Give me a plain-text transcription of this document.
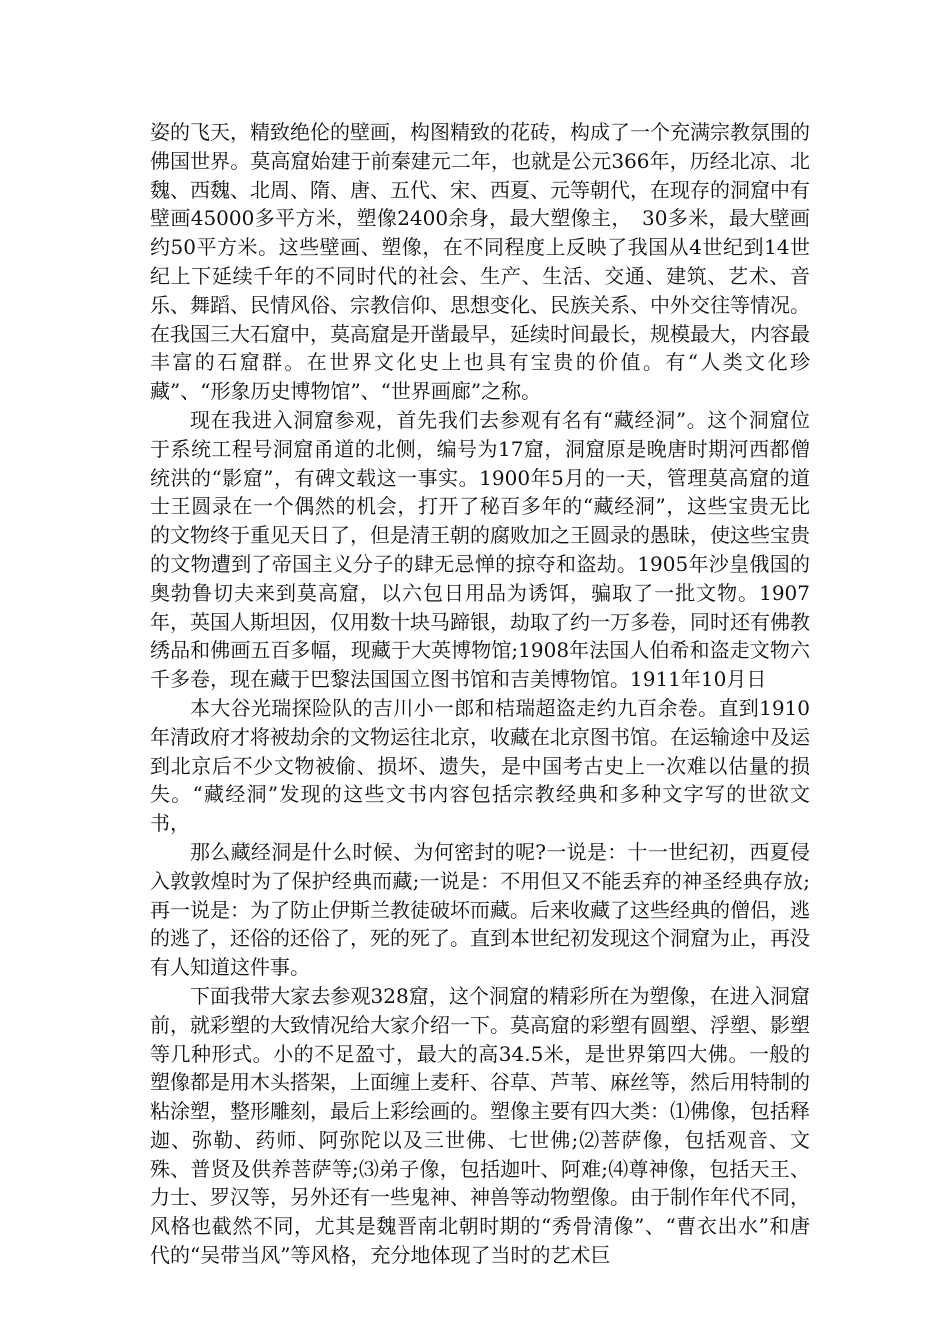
姿的飞天，精致绝伦的壁画，构图精致的花砖，构成了一个充满宗教氛围的佛国世界。莫高窟始建于前秦建元二年，也就是公元366年，历经北凉、北魏、西魏、北周、隋、唐、五代、宋、西夏、元等朝代，在现存的洞窟中有壁画45000多平方米，塑像2400余身，最大塑像主，　30多米，最大壁画约50平方米。这些壁画、塑像，在不同程度上反映了我国从4世纪到14世纪上下延续千年的不同时代的社会、生产、生活、交通、建筑、艺术、音乐、舞蹈、民情风俗、宗教信仰、思想变化、民族关系、中外交往等情况。在我国三大石窟中，莫高窟是开凿最早，延续时间最长，规模最大，内容最丰富的石窟群。在世界文化史上也具有宝贵的价值。有“人类文化珍藏”、“形象历史博物馆”、“世界画廊”之称。

现在我进入洞窟参观，首先我们去参观有名有“藏经洞”。这个洞窟位于系统工程号洞窟甬道的北侧，编号为17窟，洞窟原是晚唐时期河西都僧统洪的“影窟”，有碑文载这一事实。1900年5月的一天，管理莫高窟的道士王圆录在一个偶然的机会，打开了秘百多年的“藏经洞”，这些宝贵无比的文物终于重见天日了，但是清王朝的腐败加之王圆录的愚昧，使这些宝贵的文物遭到了帝国主义分子的肆无忌惮的掠夺和盗劫。1905年沙皇俄国的奥勃鲁切夫来到莫高窟，以六包日用品为诱饵，骗取了一批文物。1907年，英国人斯坦因，仅用数十块马蹄银，劫取了约一万多卷，同时还有佛教绣品和佛画五百多幅，现藏于大英博物馆;1908年法国人伯希和盗走文物六千多卷，现在藏于巴黎法国国立图书馆和吉美博物馆。1911年10月日

本大谷光瑞探险队的吉川小一郎和桔瑞超盗走约九百余卷。直到1910年清政府才将被劫余的文物运往北京，收藏在北京图书馆。在运输途中及运到北京后不少文物被偷、损坏、遗失，是中国考古史上一次难以估量的损失。“藏经洞”发现的这些文书内容包括宗教经典和多种文字写的世欲文书，

那么藏经洞是什么时候、为何密封的呢?一说是：十一世纪初，西夏侵入敦敦煌时为了保护经典而藏;一说是：不用但又不能丢弃的神圣经典存放;再一说是：为了防止伊斯兰教徒破坏而藏。后来收藏了这些经典的僧侣，逃的逃了，还俗的还俗了，死的死了。直到本世纪初发现这个洞窟为止，再没有人知道这件事。

下面我带大家去参观328窟，这个洞窟的精彩所在为塑像，在进入洞窟前，就彩塑的大致情况给大家介绍一下。莫高窟的彩塑有圆塑、浮塑、影塑等几种形式。小的不足盈寸，最大的高34.5米，是世界第四大佛。一般的塑像都是用木头搭架，上面缠上麦秆、谷草、芦苇、麻丝等，然后用特制的粘涂塑，整形雕刻，最后上彩绘画的。塑像主要有四大类：⑴佛像，包括释迦、弥勒、药师、阿弥陀以及三世佛、七世佛;⑵菩萨像，包括观音、文殊、普贤及供养菩萨等;⑶弟子像，包括迦叶、阿难;⑷尊神像，包括天王、力士、罗汉等，另外还有一些鬼神、神兽等动物塑像。由于制作年代不同，风格也截然不同，尤其是魏晋南北朝时期的“秀骨清像”、“曹衣出水”和唐代的“吴带当风”等风格，充分地体现了当时的艺术巨
